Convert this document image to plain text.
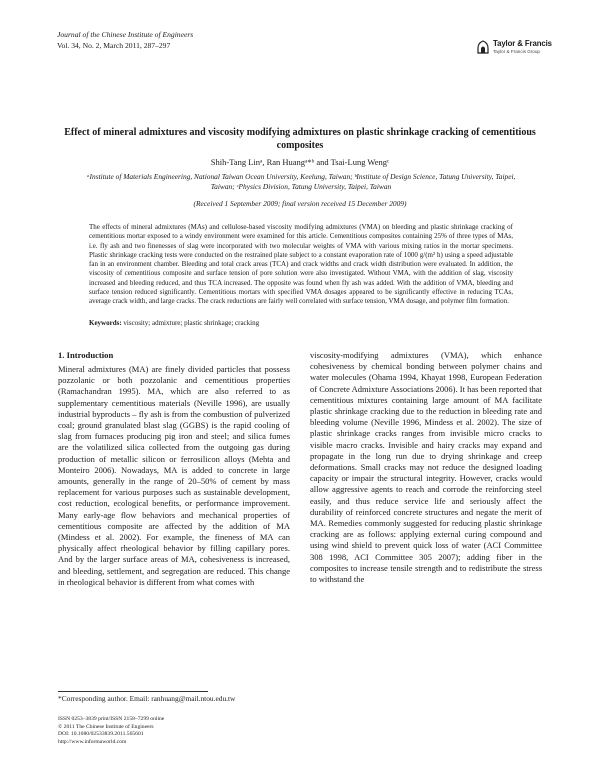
Journal of the Chinese Institute of Engineers
Vol. 34, No. 2, March 2011, 287–297	Taylor & Francis
Taylor & Francis Group
Effect of mineral admixtures and viscosity modifying admixtures on plastic shrinkage cracking of cementitious composites
Shih-Tang Linᵃ, Ran Huangᵃ*ᵇ and Tsai-Lung Wengᶜ
ᵃInstitute of Materials Engineering, National Taiwan Ocean University, Keelung, Taiwan; ᵇInstitute of Design Science, Tatung University, Taipei, Taiwan; ᶜPhysics Division, Tatung University, Taipei, Taiwan
(Received 1 September 2009; final version received 15 December 2009)
The effects of mineral admixtures (MAs) and cellulose-based viscosity modifying admixtures (VMA) on bleeding and plastic shrinkage cracking of cementitious mortar exposed to a windy environment were examined for this article. Cementitious composites containing 25% of three types of MAs, i.e. fly ash and two finenesses of slag were incorporated with two molecular weights of VMA with various mixing ratios in the mortar specimens. Plastic shrinkage cracking tests were conducted on the restrained plate subject to a constant evaporation rate of 1000 g/(m² h) using a speed adjustable fan in an environment chamber. Bleeding and total crack areas (TCA) and crack widths and crack width distribution were evaluated. In addition, the viscosity of cementitious composite and surface tension of pore solution were also investigated. Without VMA, with the addition of slag, viscosity increased and bleeding reduced, and thus TCA increased. The opposite was found when fly ash was added. With the addition of VMA, bleeding and surface tension reduced significantly. Cementitious mortars with specified VMA dosages appeared to be significantly effective in reducing TCAs, average crack width, and large cracks. The crack reductions are fairly well correlated with surface tension, VMA dosage, and polymer film formation.
Keywords: viscosity; admixture; plastic shrinkage; cracking
1. Introduction
Mineral admixtures (MA) are finely divided particles that possess pozzolanic or both pozzolanic and cementitious properties (Ramachandran 1995). MA, which are also referred to as supplementary cementitious materials (Neville 1996), are usually industrial byproducts – fly ash is from the combustion of pulverized coal; ground granulated blast slag (GGBS) is the rapid cooling of slag from furnaces producing pig iron and steel; and silica fumes are the volatilized silica collected from the outgoing gas during production of metallic silicon or ferrosilicon alloys (Mehta and Monteiro 2006). Nowadays, MA is added to concrete in large amounts, generally in the range of 20–50% of cement by mass replacement for various purposes such as sustainable development, cost reduction, ecological benefits, or performance improvement. Many early-age flow behaviors and mechanical properties of cementitious composite are affected by the addition of MA (Mindess et al. 2002). For example, the fineness of MA can physically affect rheological behavior by filling capillary pores. And by the larger surface areas of MA, cohesiveness is increased, and bleeding, settlement, and segregation are reduced. This change in rheological behavior is different from what comes with
viscosity-modifying admixtures (VMA), which enhance cohesiveness by chemical bonding between polymer chains and water molecules (Ohama 1994, Khayat 1998, European Federation of Concrete Admixture Associations 2006). It has been reported that cementitious mixtures containing large amount of MA facilitate plastic shrinkage cracking due to the reduction in bleeding rate and bleeding volume (Neville 1996, Mindess et al. 2002). The size of plastic shrinkage cracks ranges from invisible micro cracks to visible macro cracks. Invisible and hairy cracks may expand and propagate in the long run due to drying shrinkage and creep deformations. Small cracks may not reduce the designed loading capacity or impair the structural integrity. However, cracks would allow aggressive agents to reach and corrode the reinforcing steel easily, and thus reduce service life and seriously affect the durability of reinforced concrete structures and negate the merit of MA. Remedies commonly suggested for reducing plastic shrinkage cracking are as follows: applying external curing compound and using wind shield to prevent quick loss of water (ACI Committee 308 1998, ACI Committee 305 2007); adding fiber in the composites to increase tensile strength and to redistribute the stress to withstand the
*Corresponding author. Email: ranhuang@mail.ntou.edu.tw
ISSN 0253–3839 print/ISSN 2158–7299 online
© 2011 The Chinese Institute of Engineers
DOI: 10.1080/02533839.2011.565601
http://www.informaworld.com
